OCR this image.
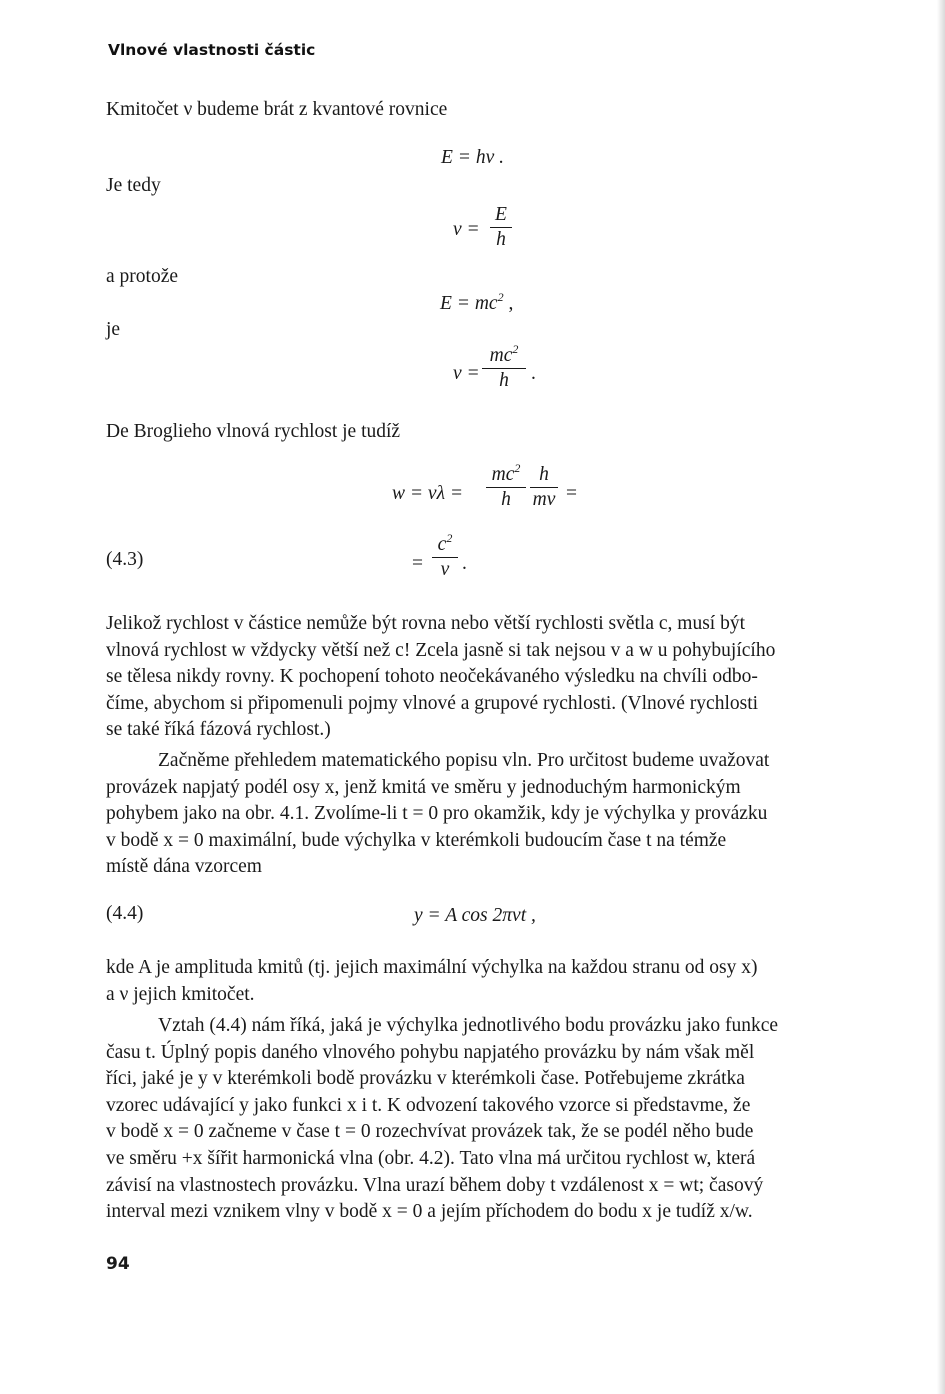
Vlnové vlastnosti částic
Kmitočet ν budeme brát z kvantové rovnice
E = hν .
Je tedy
ν =
E
h
a protože
$E = mc^2$ ,
je
ν =
$mc^2$
h	.
De Broglieho vlnová rychlost je tudíž
w = νλ =
$mc^2$
h
h
mv =
(4.3)	=
$c^2$
v .

Jelikož rychlost v částice nemůže být rovna nebo větší rychlosti světla c, musí být

vlnová rychlost w vždycky větší než c! Zcela jasně si tak nejsou v a w u pohybujícího

se tělesa nikdy rovny. K pochopení tohoto neočekávaného výsledku na chvíli odbo-

číme, abychom si připomenuli pojmy vlnové a grupové rychlosti. (Vlnové rychlosti

se také říká fázová rychlost.)

Začněme přehledem matematického popisu vln. Pro určitost budeme uvažovat

provázek napjatý podél osy x, jenž kmitá ve směru y jednoduchým harmonickým

pohybem jako na obr. 4.1. Zvolíme-li t = 0 pro okamžik, kdy je výchylka y provázku

v bodě x = 0 maximální, bude výchylka v kterémkoli budoucím čase t na témže

místě dána vzorcem

(4.4)	y = A cos 2πνt ,

kde A je amplituda kmitů (tj. jejich maximální výchylka na každou stranu od osy x)

a ν jejich kmitočet.

Vztah (4.4) nám říká, jaká je výchylka jednotlivého bodu provázku jako funkce

času t. Úplný popis daného vlnového pohybu napjatého provázku by nám však měl

říci, jaké je y v kterémkoli bodě provázku v kterémkoli čase. Potřebujeme zkrátka

vzorec udávající y jako funkci x i t. K odvození takového vzorce si představme, že

v bodě x = 0 začneme v čase t = 0 rozechvívat provázek tak, že se podél něho bude

ve směru +x šířit harmonická vlna (obr. 4.2). Tato vlna má určitou rychlost w, která

závisí na vlastnostech provázku. Vlna urazí během doby t vzdálenost x = wt; časový

interval mezi vznikem vlny v bodě x = 0 a jejím příchodem do bodu x je tudíž x/w.

94
